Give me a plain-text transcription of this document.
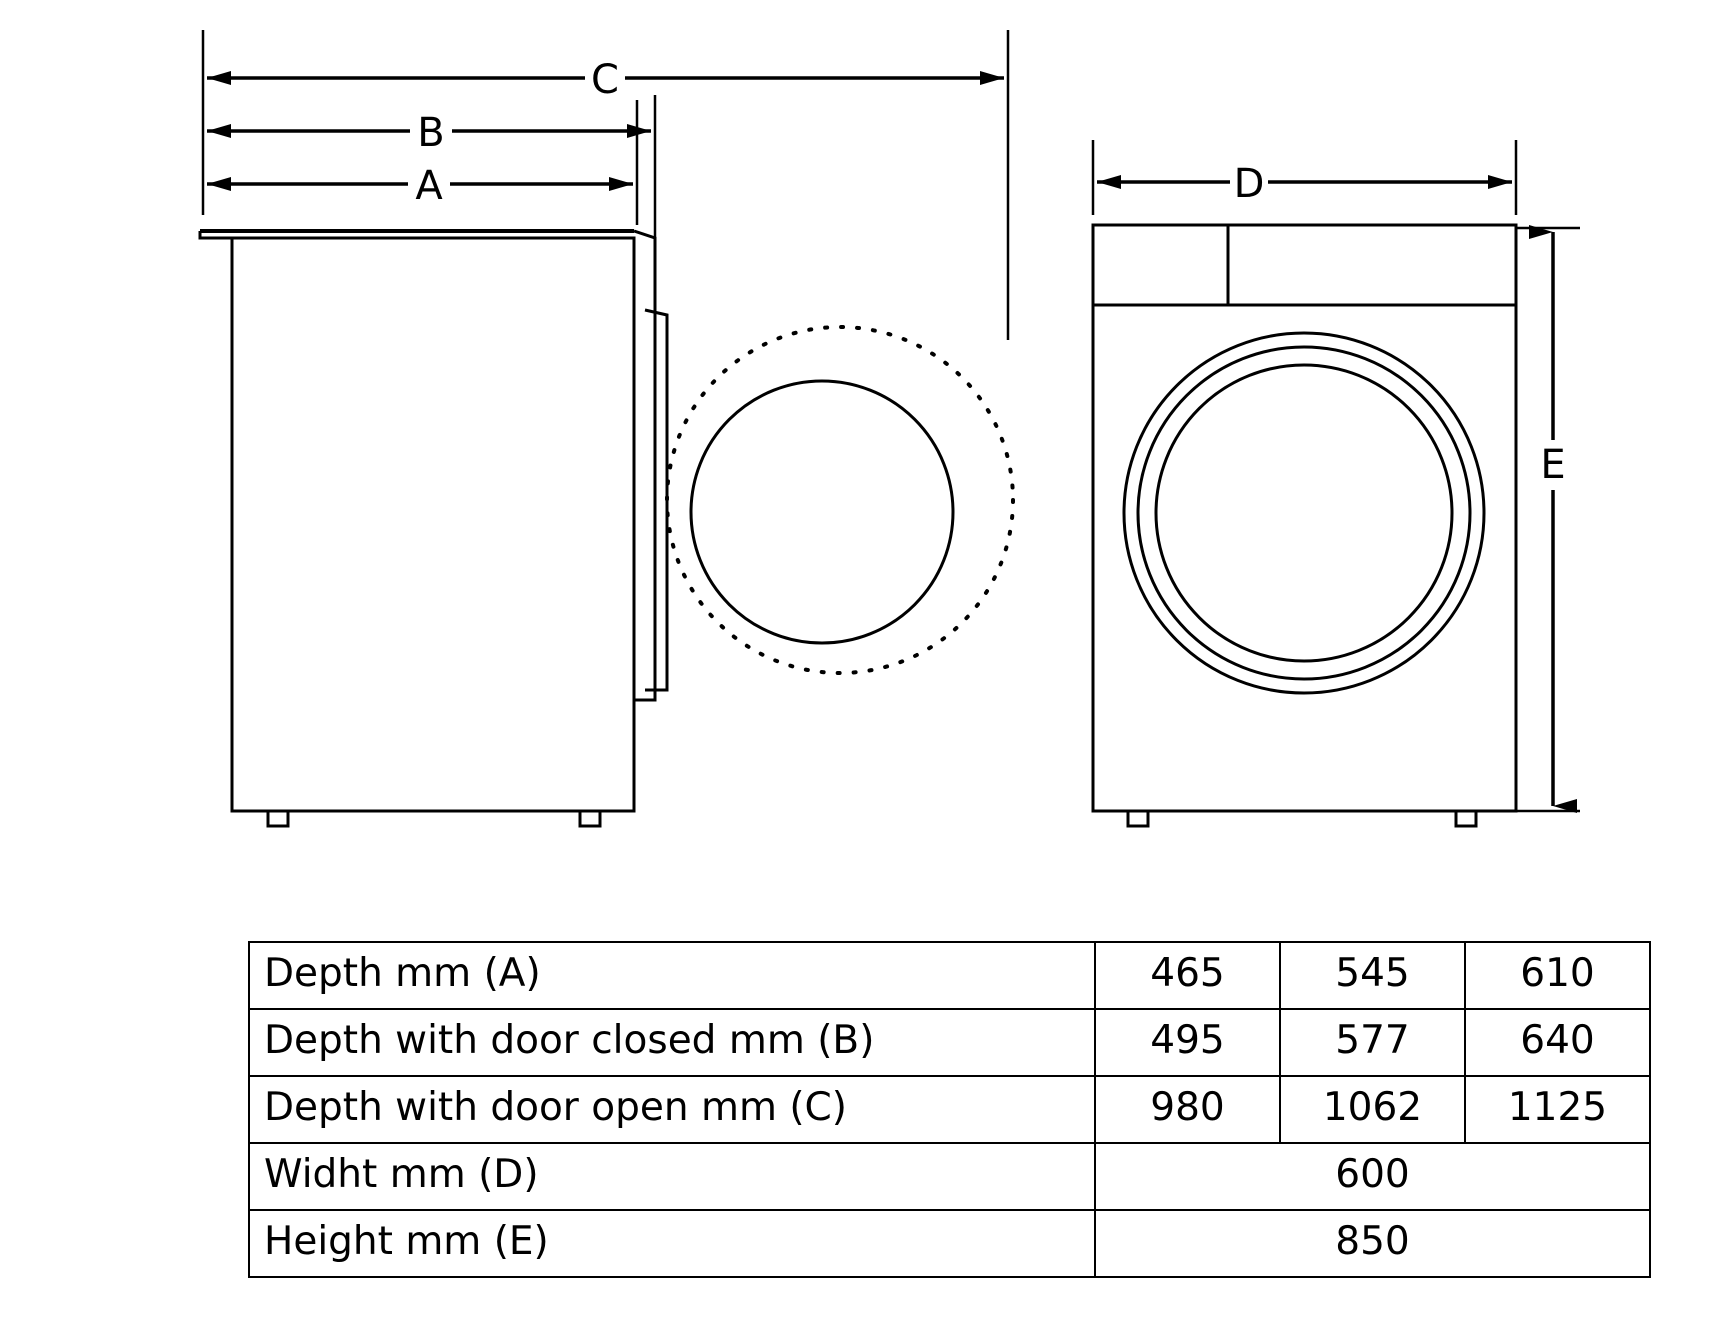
C
B
A	D
E
Depth mm (A)	465	545	610
Depth with door closed mm (B)	495	577	640
Depth with door open mm (C)	980	1062	1125
Widht mm (D)	600		
Height mm (E)	850		
